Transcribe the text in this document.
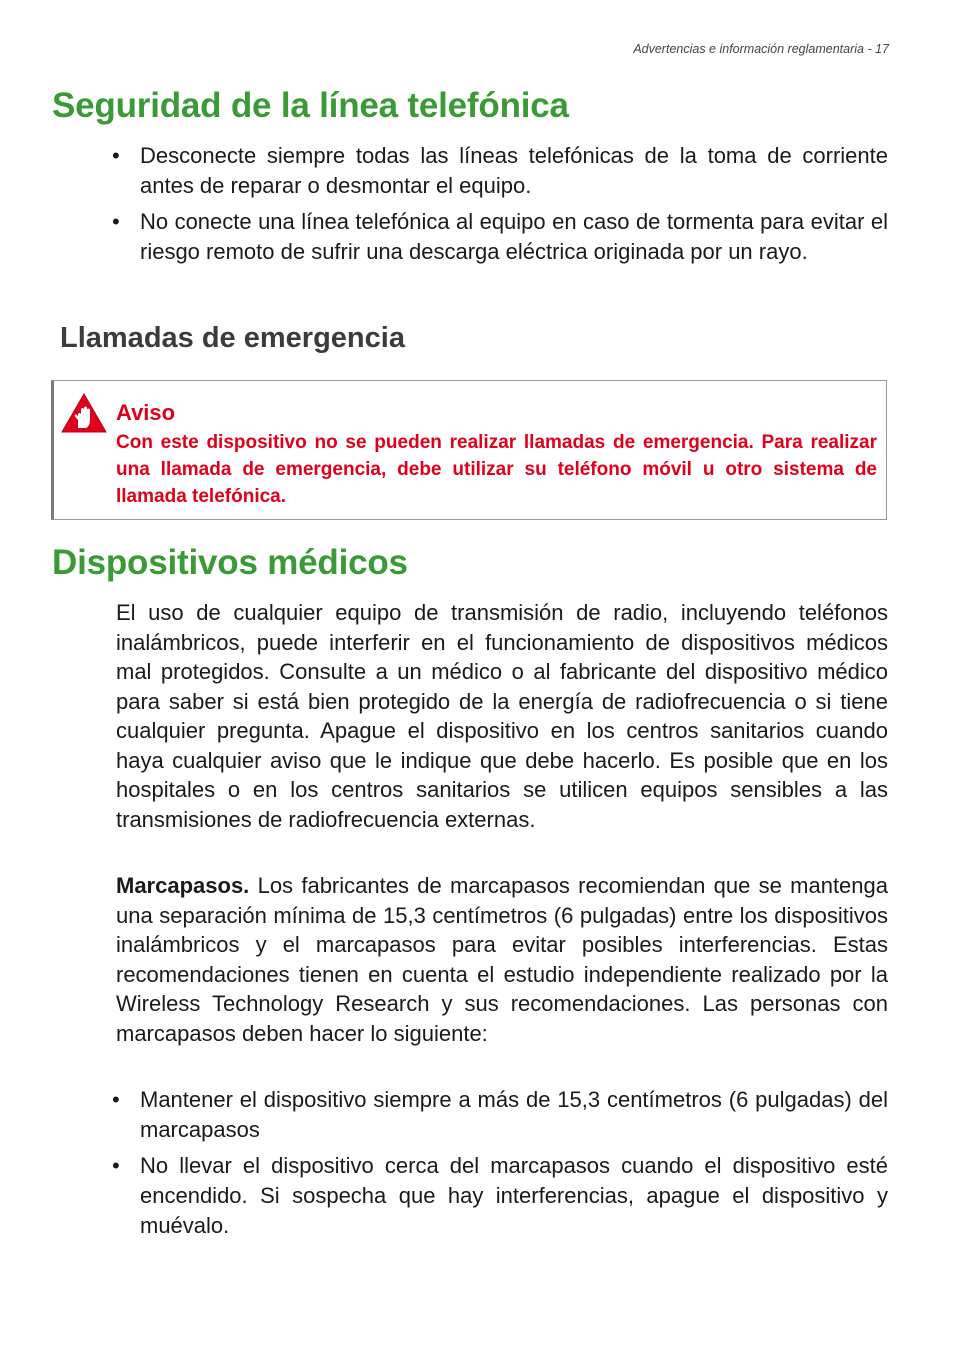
Advertencias e información reglamentaria - 17
Seguridad de la línea telefónica
• Desconecte siempre todas las líneas telefónicas de la toma de corriente antes de reparar o desmontar el equipo.
• No conecte una línea telefónica al equipo en caso de tormenta para evitar el riesgo remoto de sufrir una descarga eléctrica originada por un rayo.
Llamadas de emergencia
Aviso

Con este dispositivo no se pueden realizar llamadas de emergencia. Para realizar una llamada de emergencia, debe utilizar su teléfono móvil u otro sistema de llamada telefónica.

Dispositivos médicos

El uso de cualquier equipo de transmisión de radio, incluyendo teléfonos inalámbricos, puede interferir en el funcionamiento de dispositivos médicos mal protegidos. Consulte a un médico o al fabricante del dispositivo médico para saber si está bien protegido de la energía de radiofrecuencia o si tiene cualquier pregunta. Apague el dispositivo en los centros sanitarios cuando haya cualquier aviso que le indique que debe hacerlo. Es posible que en los hospitales o en los centros sanitarios se utilicen equipos sensibles a las transmisiones de radiofrecuencia externas.

Marcapasos. Los fabricantes de marcapasos recomiendan que se mantenga una separación mínima de 15,3 centímetros (6 pulgadas) entre los dispositivos inalámbricos y el marcapasos para evitar posibles interferencias. Estas recomendaciones tienen en cuenta el estudio independiente realizado por la Wireless Technology Research y sus recomendaciones. Las personas con marcapasos deben hacer lo siguiente:

• Mantener el dispositivo siempre a más de 15,3 centímetros (6 pulgadas) del marcapasos
• No llevar el dispositivo cerca del marcapasos cuando el dispositivo esté encendido. Si sospecha que hay interferencias, apague el dispositivo y muévalo.
